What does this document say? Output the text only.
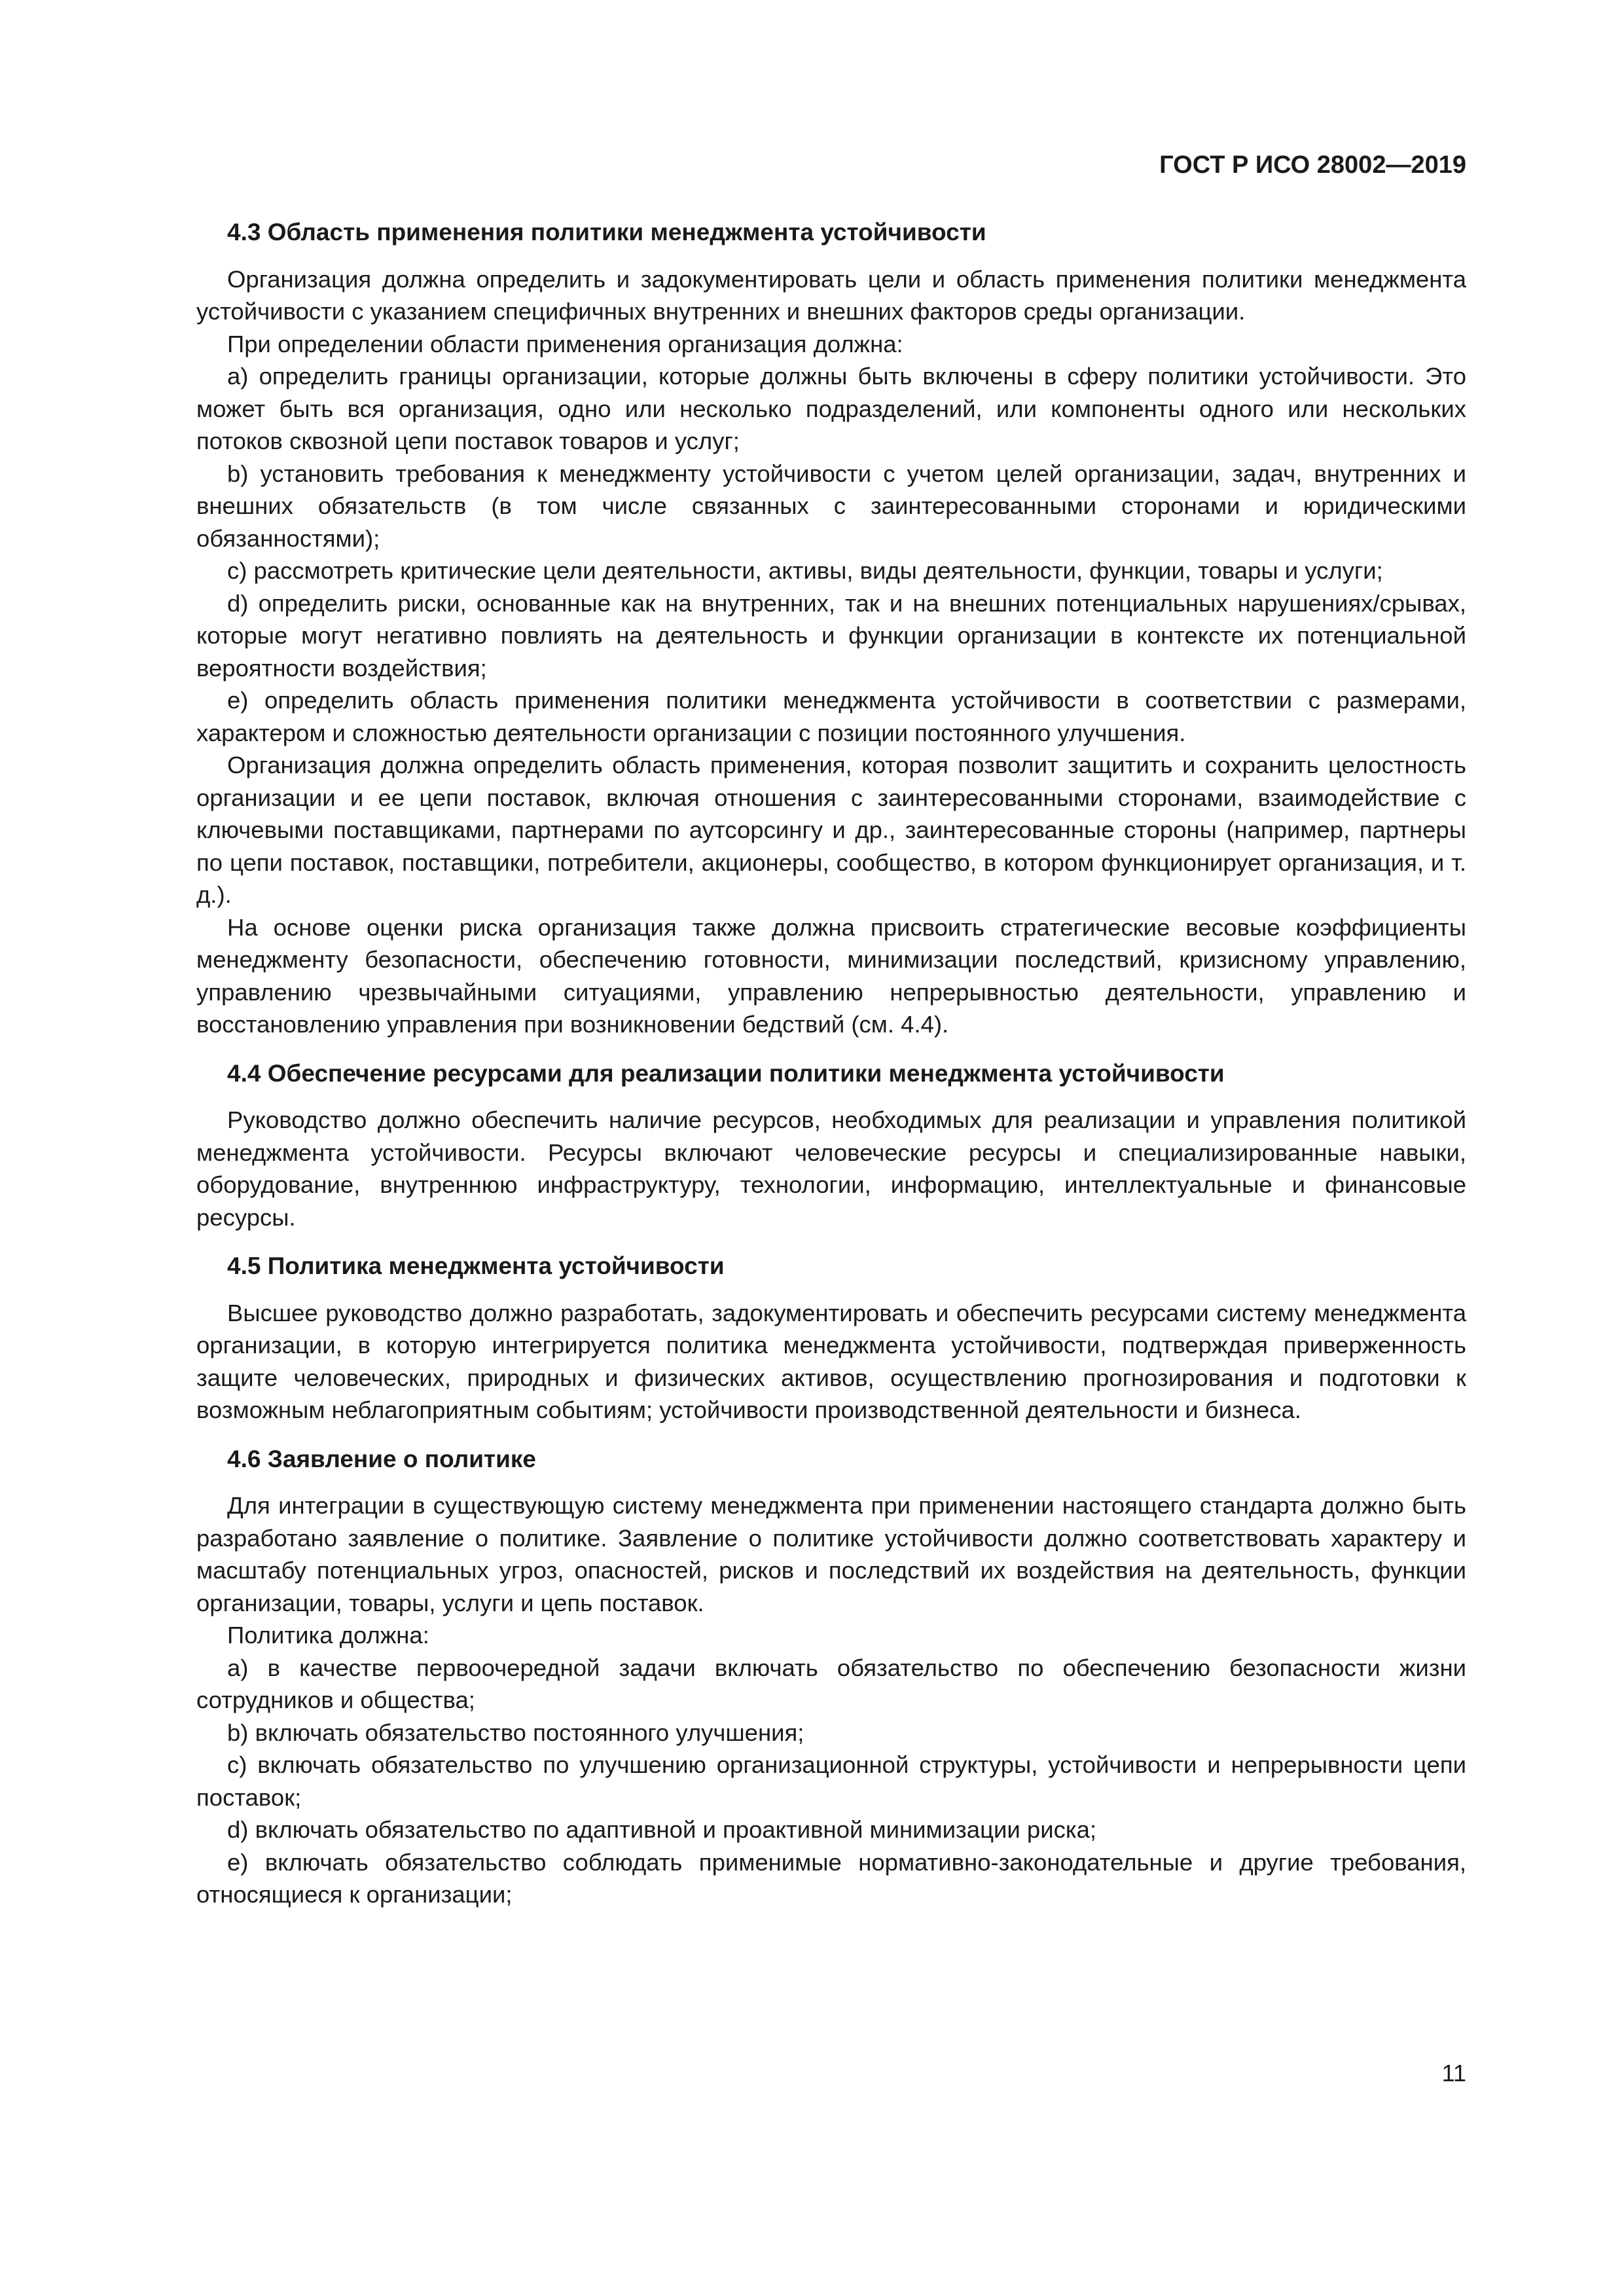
ГОСТ Р ИСО 28002—2019
4.3 Область применения политики менеджмента устойчивости

Организация должна определить и задокументировать цели и область применения политики менеджмента устойчивости с указанием специфичных внутренних и внешних факторов среды организации.

При определении области применения организация должна:

а) определить границы организации, которые должны быть включены в сферу политики устойчивости. Это может быть вся организация, одно или несколько подразделений, или компоненты одного или нескольких потоков сквозной цепи поставок товаров и услуг;

b) установить требования к менеджменту устойчивости с учетом целей организации, задач, внутренних и внешних обязательств (в том числе связанных с заинтересованными сторонами и юридическими обязанностями);

с) рассмотреть критические цели деятельности, активы, виды деятельности, функции, товары и услуги;

d) определить риски, основанные как на внутренних, так и на внешних потенциальных нарушениях/срывах, которые могут негативно повлиять на деятельность и функции организации в контексте их потенциальной вероятности воздействия;

е) определить область применения политики менеджмента устойчивости в соответствии с размерами, характером и сложностью деятельности организации с позиции постоянного улучшения.

Организация должна определить область применения, которая позволит защитить и сохранить целостность организации и ее цепи поставок, включая отношения с заинтересованными сторонами, взаимодействие с ключевыми поставщиками, партнерами по аутсорсингу и др., заинтересованные стороны (например, партнеры по цепи поставок, поставщики, потребители, акционеры, сообщество, в котором функционирует организация, и т. д.).

На основе оценки риска организация также должна присвоить стратегические весовые коэффициенты менеджменту безопасности, обеспечению готовности, минимизации последствий, кризисному управлению, управлению чрезвычайными ситуациями, управлению непрерывностью деятельности, управлению и восстановлению управления при возникновении бедствий (см. 4.4).

4.4 Обеспечение ресурсами для реализации политики менеджмента устойчивости

Руководство должно обеспечить наличие ресурсов, необходимых для реализации и управления политикой менеджмента устойчивости. Ресурсы включают человеческие ресурсы и специализированные навыки, оборудование, внутреннюю инфраструктуру, технологии, информацию, интеллектуальные и финансовые ресурсы.

4.5 Политика менеджмента устойчивости

Высшее руководство должно разработать, задокументировать и обеспечить ресурсами систему менеджмента организации, в которую интегрируется политика менеджмента устойчивости, подтверждая приверженность защите человеческих, природных и физических активов, осуществлению прогнозирования и подготовки к возможным неблагоприятным событиям; устойчивости производственной деятельности и бизнеса.

4.6 Заявление о политике

Для интеграции в существующую систему менеджмента при применении настоящего стандарта должно быть разработано заявление о политике. Заявление о политике устойчивости должно соответствовать характеру и масштабу потенциальных угроз, опасностей, рисков и последствий их воздействия на деятельность, функции организации, товары, услуги и цепь поставок.

Политика должна:

а) в качестве первоочередной задачи включать обязательство по обеспечению безопасности жизни сотрудников и общества;

b) включать обязательство постоянного улучшения;

с) включать обязательство по улучшению организационной структуры, устойчивости и непрерывности цепи поставок;

d) включать обязательство по адаптивной и проактивной минимизации риска;

е) включать обязательство соблюдать применимые нормативно-законодательные и другие требования, относящиеся к организации;

11
